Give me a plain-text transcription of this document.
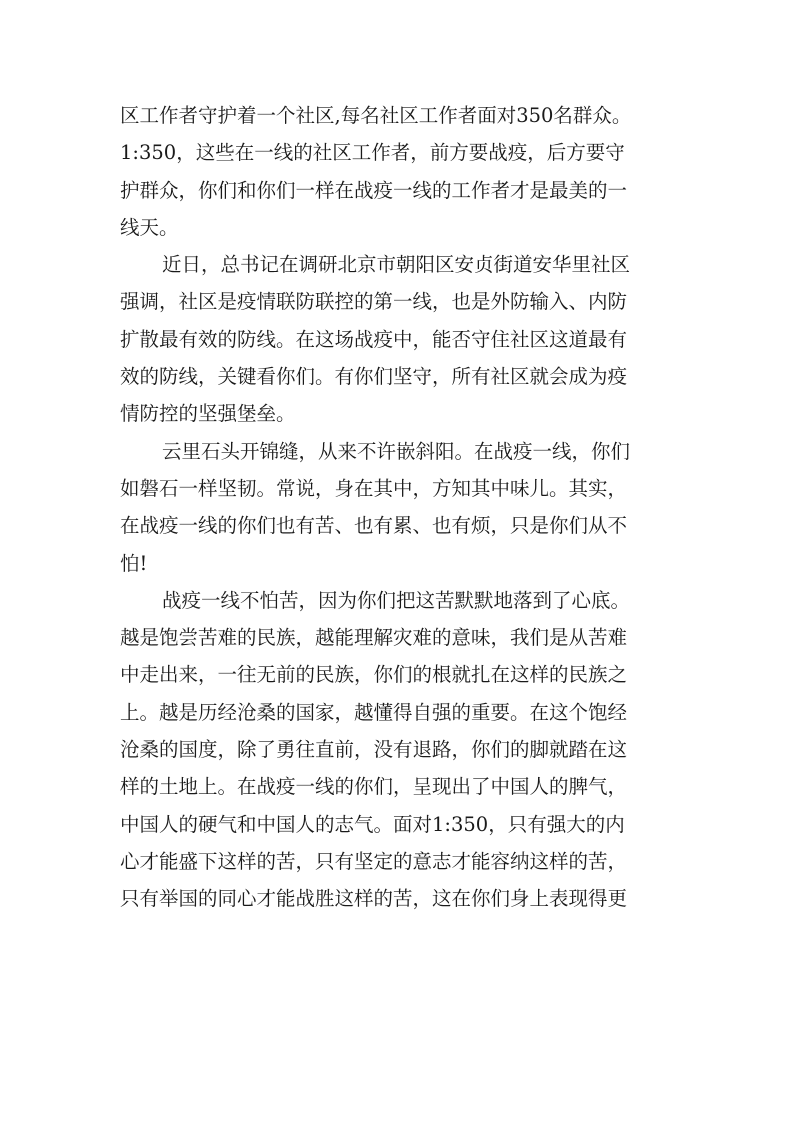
区工作者守护着一个社区,每名社区工作者面对350名群众。
1:350，这些在一线的社区工作者，前方要战疫，后方要守
护群众，你们和你们一样在战疫一线的工作者才是最美的一
线天。
近日，总书记在调研北京市朝阳区安贞街道安华里社区
强调，社区是疫情联防联控的第一线，也是外防输入、内防
扩散最有效的防线。在这场战疫中，能否守住社区这道最有
效的防线，关键看你们。有你们坚守，所有社区就会成为疫
情防控的坚强堡垒。
云里石头开锦缝，从来不许嵌斜阳。在战疫一线，你们
如磐石一样坚韧。常说，身在其中，方知其中味儿。其实，
在战疫一线的你们也有苦、也有累、也有烦，只是你们从不
怕!
战疫一线不怕苦，因为你们把这苦默默地落到了心底。
越是饱尝苦难的民族，越能理解灾难的意味，我们是从苦难
中走出来，一往无前的民族，你们的根就扎在这样的民族之
上。越是历经沧桑的国家，越懂得自强的重要。在这个饱经
沧桑的国度，除了勇往直前，没有退路，你们的脚就踏在这
样的土地上。在战疫一线的你们，呈现出了中国人的脾气，
中国人的硬气和中国人的志气。面对1:350，只有强大的内
心才能盛下这样的苦，只有坚定的意志才能容纳这样的苦，
只有举国的同心才能战胜这样的苦，这在你们身上表现得更
